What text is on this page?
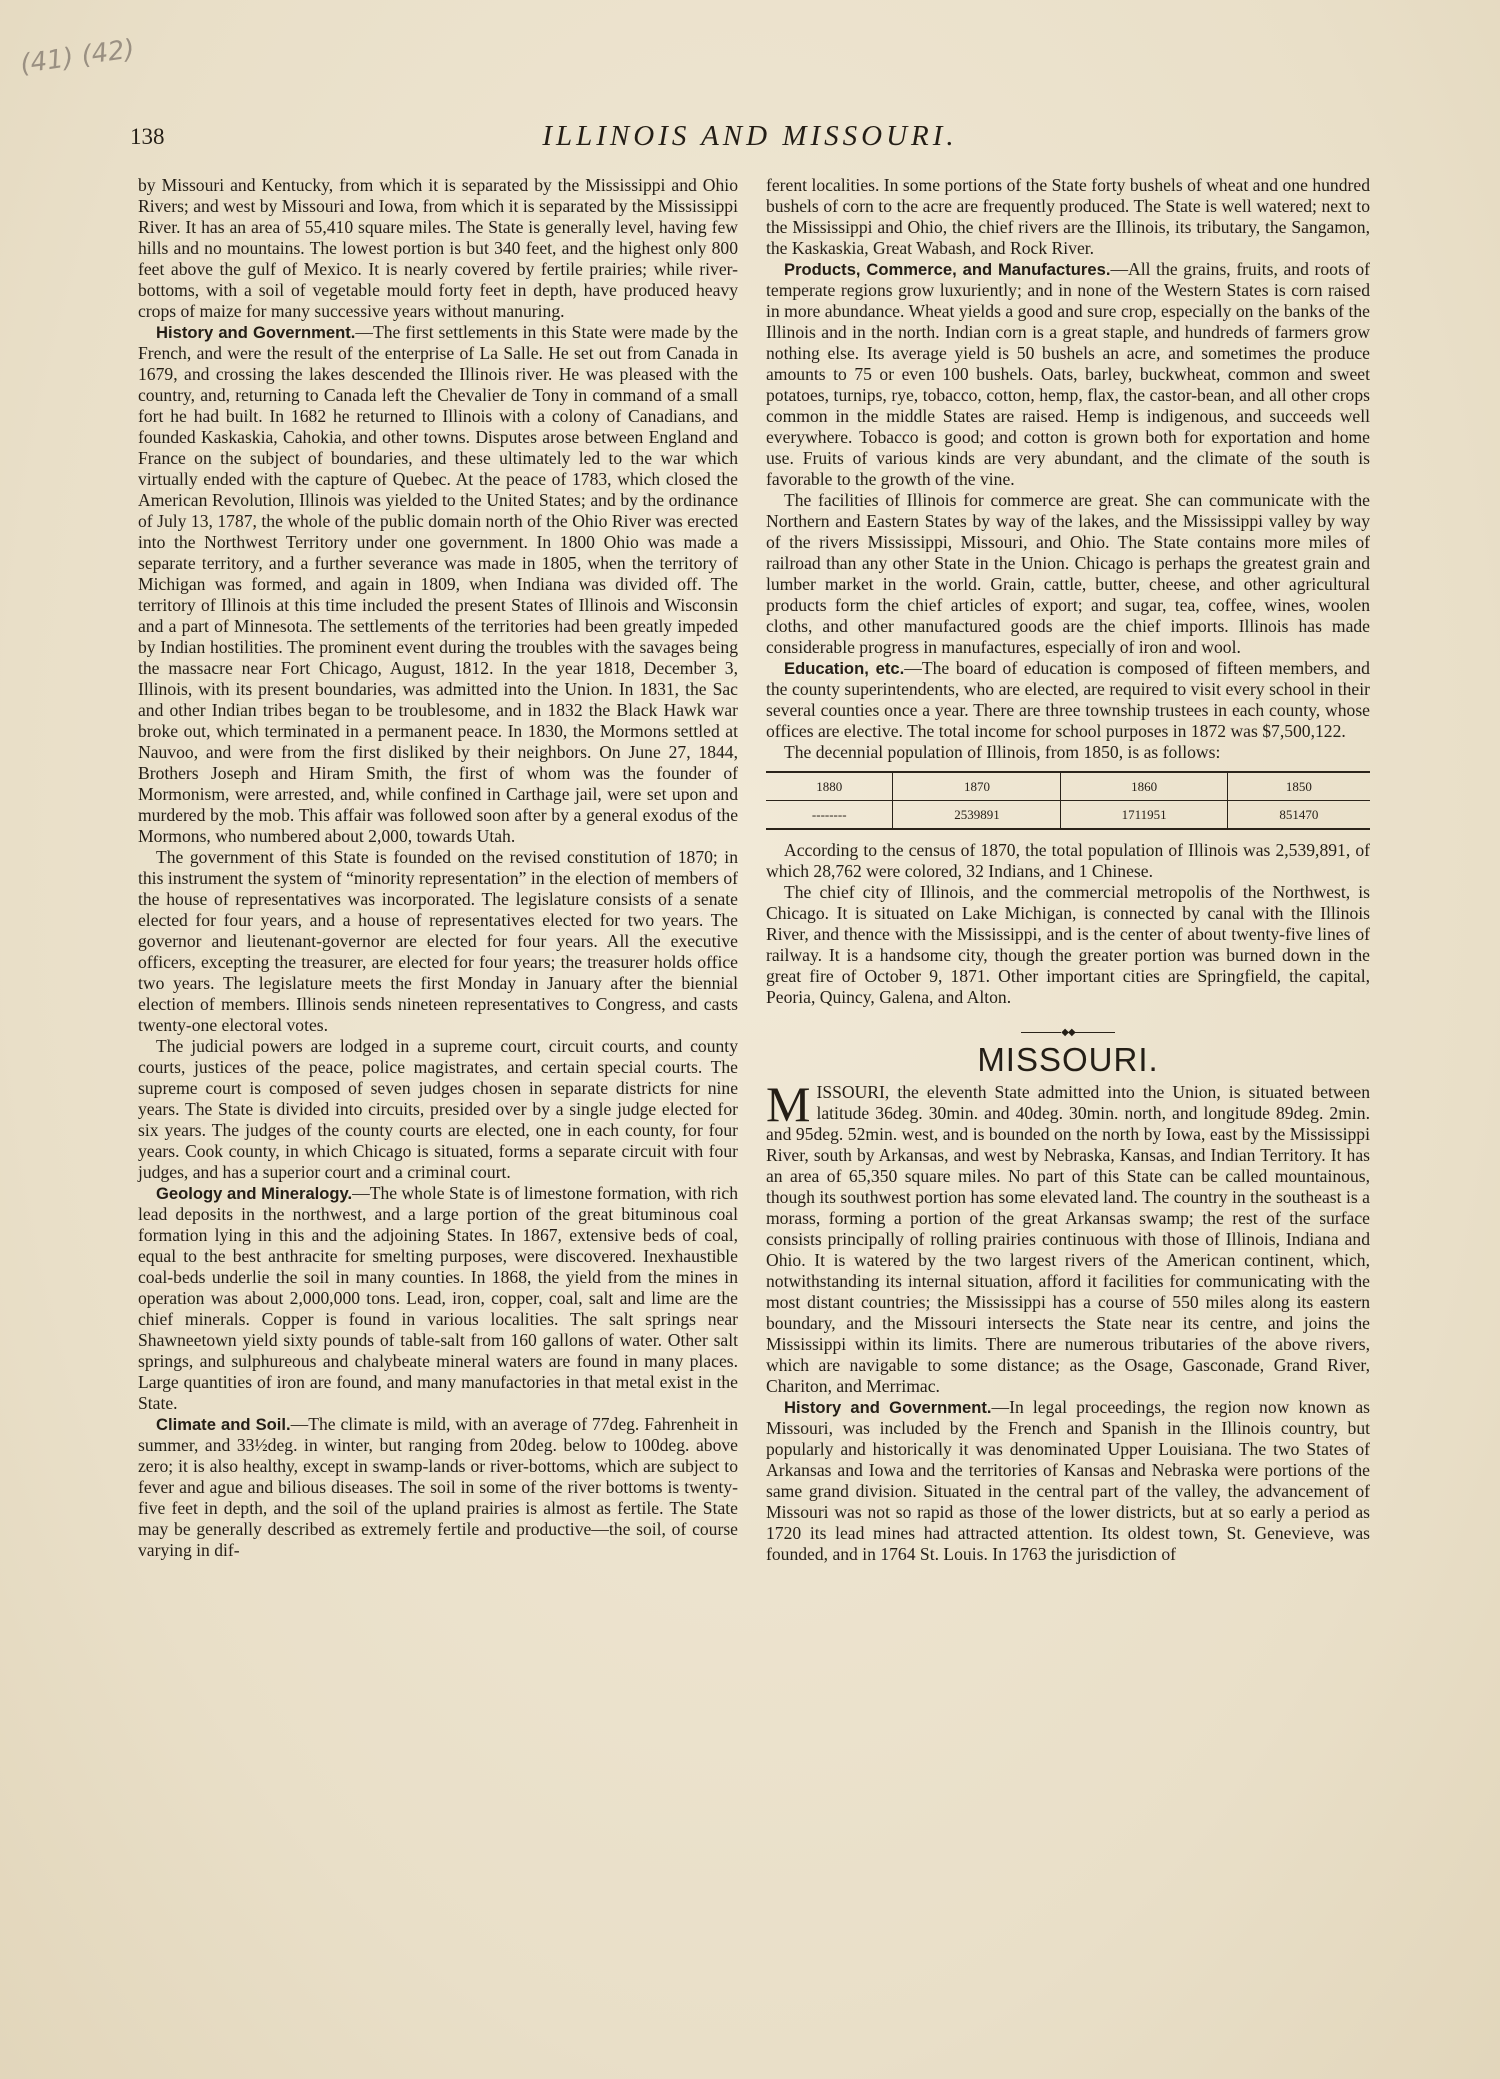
(41) (42)
138	ILLINOIS AND MISSOURI.

by Missouri and Kentucky, from which it is separated by the Mississippi and Ohio Rivers; and west by Missouri and Iowa, from which it is separated by the Mississippi River. It has an area of 55,410 square miles. The State is generally level, having few hills and no mountains. The lowest portion is but 340 feet, and the highest only 800 feet above the gulf of Mexico. It is nearly covered by fertile prairies; while river-bottoms, with a soil of vegetable mould forty feet in depth, have produced heavy crops of maize for many successive years without manuring.

History and Government.—The first settlements in this State were made by the French, and were the result of the enterprise of La Salle. He set out from Canada in 1679, and crossing the lakes descended the Illinois river. He was pleased with the country, and, returning to Canada left the Chevalier de Tony in command of a small fort he had built. In 1682 he returned to Illinois with a colony of Canadians, and founded Kaskaskia, Cahokia, and other towns. Disputes arose between England and France on the subject of boundaries, and these ultimately led to the war which virtually ended with the capture of Quebec. At the peace of 1783, which closed the American Revolution, Illinois was yielded to the United States; and by the ordinance of July 13, 1787, the whole of the public domain north of the Ohio River was erected into the Northwest Territory under one government. In 1800 Ohio was made a separate territory, and a further severance was made in 1805, when the territory of Michigan was formed, and again in 1809, when Indiana was divided off. The territory of Illinois at this time included the present States of Illinois and Wisconsin and a part of Minnesota. The settlements of the territories had been greatly impeded by Indian hostilities. The prominent event during the troubles with the savages being the massacre near Fort Chicago, August, 1812. In the year 1818, December 3, Illinois, with its present boundaries, was admitted into the Union. In 1831, the Sac and other Indian tribes began to be troublesome, and in 1832 the Black Hawk war broke out, which terminated in a permanent peace. In 1830, the Mormons settled at Nauvoo, and were from the first disliked by their neighbors. On June 27, 1844, Brothers Joseph and Hiram Smith, the first of whom was the founder of Mormonism, were arrested, and, while confined in Carthage jail, were set upon and murdered by the mob. This affair was followed soon after by a general exodus of the Mormons, who numbered about 2,000, towards Utah.

The government of this State is founded on the revised constitution of 1870; in this instrument the system of “minority representation” in the election of members of the house of representatives was incorporated. The legislature consists of a senate elected for four years, and a house of representatives elected for two years. The governor and lieutenant-governor are elected for four years. All the executive officers, excepting the treasurer, are elected for four years; the treasurer holds office two years. The legislature meets the first Monday in January after the biennial election of members. Illinois sends nineteen representatives to Congress, and casts twenty-one electoral votes.

The judicial powers are lodged in a supreme court, circuit courts, and county courts, justices of the peace, police magistrates, and certain special courts. The supreme court is composed of seven judges chosen in separate districts for nine years. The State is divided into circuits, presided over by a single judge elected for six years. The judges of the county courts are elected, one in each county, for four years. Cook county, in which Chicago is situated, forms a separate circuit with four judges, and has a superior court and a criminal court.

Geology and Mineralogy.—The whole State is of limestone formation, with rich lead deposits in the northwest, and a large portion of the great bituminous coal formation lying in this and the adjoining States. In 1867, extensive beds of coal, equal to the best anthracite for smelting purposes, were discovered. Inexhaustible coal-beds underlie the soil in many counties. In 1868, the yield from the mines in operation was about 2,000,000 tons. Lead, iron, copper, coal, salt and lime are the chief minerals. Copper is found in various localities. The salt springs near Shawneetown yield sixty pounds of table-salt from 160 gallons of water. Other salt springs, and sulphureous and chalybeate mineral waters are found in many places. Large quantities of iron are found, and many manufactories in that metal exist in the State.

Climate and Soil.—The climate is mild, with an average of 77deg. Fahrenheit in summer, and 33½deg. in winter, but ranging from 20deg. below to 100deg. above zero; it is also healthy, except in swamp-lands or river-bottoms, which are subject to fever and ague and bilious diseases. The soil in some of the river bottoms is twenty-five feet in depth, and the soil of the upland prairies is almost as fertile. The State may be generally described as extremely fertile and productive—the soil, of course varying in dif-

ferent localities. In some portions of the State forty bushels of wheat and one hundred bushels of corn to the acre are frequently produced. The State is well watered; next to the Mississippi and Ohio, the chief rivers are the Illinois, its tributary, the Sangamon, the Kaskaskia, Great Wabash, and Rock River.

Products, Commerce, and Manufactures.—All the grains, fruits, and roots of temperate regions grow luxuriently; and in none of the Western States is corn raised in more abundance. Wheat yields a good and sure crop, especially on the banks of the Illinois and in the north. Indian corn is a great staple, and hundreds of farmers grow nothing else. Its average yield is 50 bushels an acre, and sometimes the produce amounts to 75 or even 100 bushels. Oats, barley, buckwheat, common and sweet potatoes, turnips, rye, tobacco, cotton, hemp, flax, the castor-bean, and all other crops common in the middle States are raised. Hemp is indigenous, and succeeds well everywhere. Tobacco is good; and cotton is grown both for exportation and home use. Fruits of various kinds are very abundant, and the climate of the south is favorable to the growth of the vine.

The facilities of Illinois for commerce are great. She can communicate with the Northern and Eastern States by way of the lakes, and the Mississippi valley by way of the rivers Mississippi, Missouri, and Ohio. The State contains more miles of railroad than any other State in the Union. Chicago is perhaps the greatest grain and lumber market in the world. Grain, cattle, butter, cheese, and other agricultural products form the chief articles of export; and sugar, tea, coffee, wines, woolen cloths, and other manufactured goods are the chief imports. Illinois has made considerable progress in manufactures, especially of iron and wool.

Education, etc.—The board of education is composed of fifteen members, and the county superintendents, who are elected, are required to visit every school in their several counties once a year. There are three township trustees in each county, whose offices are elective. The total income for school purposes in 1872 was $7,500,122.

The decennial population of Illinois, from 1850, is as follows:

1880	1870	1860	1850
--------	2539891	1711951	851470

According to the census of 1870, the total population of Illinois was 2,539,891, of which 28,762 were colored, 32 Indians, and 1 Chinese.

The chief city of Illinois, and the commercial metropolis of the Northwest, is Chicago. It is situated on Lake Michigan, is connected by canal with the Illinois River, and thence with the Mississippi, and is the center of about twenty-five lines of railway. It is a handsome city, though the greater portion was burned down in the great fire of October 9, 1871. Other important cities are Springfield, the capital, Peoria, Quincy, Galena, and Alton.

◆◆
MISSOURI.

MISSOURI, the eleventh State admitted into the Union, is situated between latitude 36deg. 30min. and 40deg. 30min. north, and longitude 89deg. 2min. and 95deg. 52min. west, and is bounded on the north by Iowa, east by the Mississippi River, south by Arkansas, and west by Nebraska, Kansas, and Indian Territory. It has an area of 65,350 square miles. No part of this State can be called mountainous, though its southwest portion has some elevated land. The country in the southeast is a morass, forming a portion of the great Arkansas swamp; the rest of the surface consists principally of rolling prairies continuous with those of Illinois, Indiana and Ohio. It is watered by the two largest rivers of the American continent, which, notwithstanding its internal situation, afford it facilities for communicating with the most distant countries; the Mississippi has a course of 550 miles along its eastern boundary, and the Missouri intersects the State near its centre, and joins the Mississippi within its limits. There are numerous tributaries of the above rivers, which are navigable to some distance; as the Osage, Gasconade, Grand River, Chariton, and Merrimac.

History and Government.—In legal proceedings, the region now known as Missouri, was included by the French and Spanish in the Illinois country, but popularly and historically it was denominated Upper Louisiana. The two States of Arkansas and Iowa and the territories of Kansas and Nebraska were portions of the same grand division. Situated in the central part of the valley, the advancement of Missouri was not so rapid as those of the lower districts, but at so early a period as 1720 its lead mines had attracted attention. Its oldest town, St. Genevieve, was founded, and in 1764 St. Louis. In 1763 the jurisdiction of
